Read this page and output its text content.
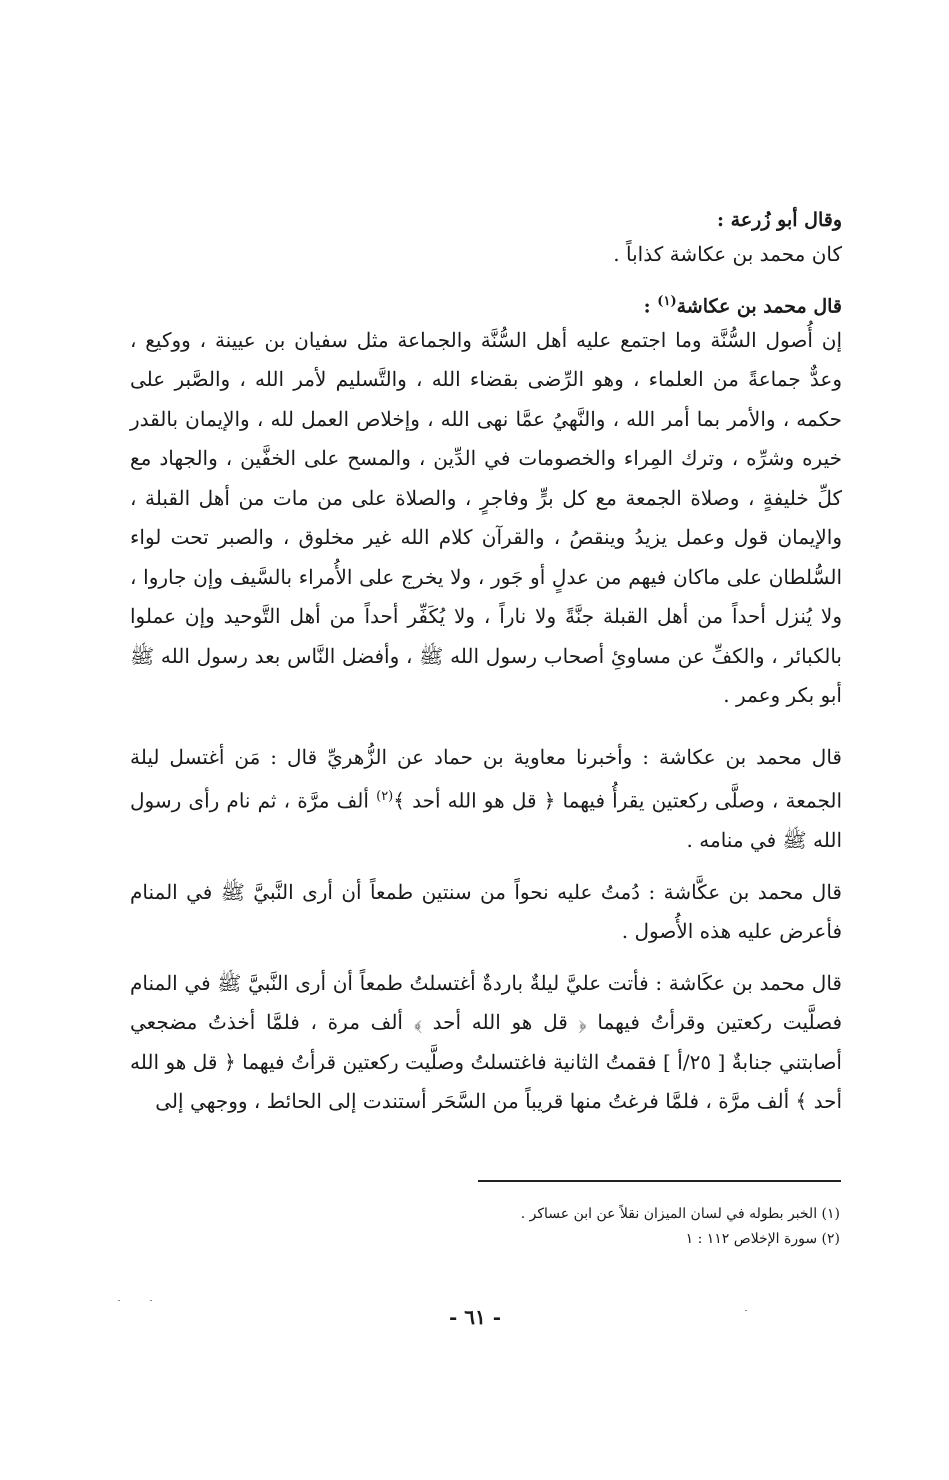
وقال أبو زُرعة :

كان محمد بن عكاشة كذاباً .

قال محمد بن عكاشة$^{(١)}$ :

إن أُصول السُّنَّة وما اجتمع عليه أهل السُّنَّة والجماعة مثل سفيان بن عيينة ، ووكيع ، وعدٌّ جماعةً من العلماء ، وهو الرِّضى بقضاء الله ، والتَّسليم لأمر الله ، والصَّبر على حكمه ، والأمر بما أمر الله ، والنَّهيُ عمَّا نهى الله ، وإخلاص العمل لله ، والإيمان بالقدر خيره وشرِّه ، وترك المِراء والخصومات في الدِّين ، والمسح على الخفَّين ، والجهاد مع كلِّ خليفةٍ ، وصلاة الجمعة مع كل برٍّ وفاجرٍ ، والصلاة على من مات من أهل القبلة ، والإيمان قول وعمل يزيدُ وينقصُ ، والقرآن كلام الله غير مخلوق ، والصبر تحت لواء السُّلطان على ماكان فيهم من عدلٍ أو جَور ، ولا يخرج على الأُمراء بالسَّيف وإن جاروا ، ولا يُنزل أحداً من أهل القبلة جنَّةً ولا ناراً ، ولا يُكَفِّر أحداً من أهل التَّوحيد وإن عملوا بالكبائر ، والكفِّ عن مساوئِ أصحاب رسول الله ﷺ ، وأفضل النَّاس بعد رسول الله ﷺ أبو بكر وعمر .

قال محمد بن عكاشة : وأخبرنا معاوية بن حماد عن الزُّهريِّ قال : مَن أغتسل ليلة الجمعة ، وصلَّى ركعتين يقرأُ فيهما ﴿ قل هو الله أحد ﴾$^{(٢)}$ ألف مرَّة ، ثم نام رأى رسول الله ﷺ في منامه .

قال محمد بن عكَّاشة : دُمتُ عليه نحواً من سنتين طمعاً أن أرى النَّبيَّ ﷺ في المنام فأعرض عليه هذه الأُصول .

قال محمد بن عكَاشة : فأتت عليَّ ليلةٌ باردةٌ أغتسلتُ طمعاً أن أرى النَّبيَّ ﷺ في المنام فصلَّيت ركعتين وقرأتُ فيهما ﴿ قل هو الله أحد ﴾ ألف مرة ، فلمَّا أخذتُ مضجعي أصابتني جنابةٌ [ ٢٥/أ ] فقمتُ الثانية فاغتسلتُ وصلَّيت ركعتين قرأتُ فيهما ﴿ قل هو الله أحد ﴾ ألف مرَّة ، فلمَّا فرغتُ منها قريباً من السَّحَر أستندت إلى الحائط ، ووجهي إلى

(١) الخبر بطوله في لسان الميزان نقلاً عن ابن عساكر .
(٢) سورة الإخلاص ١١٢ : ١
- ٦١ -
